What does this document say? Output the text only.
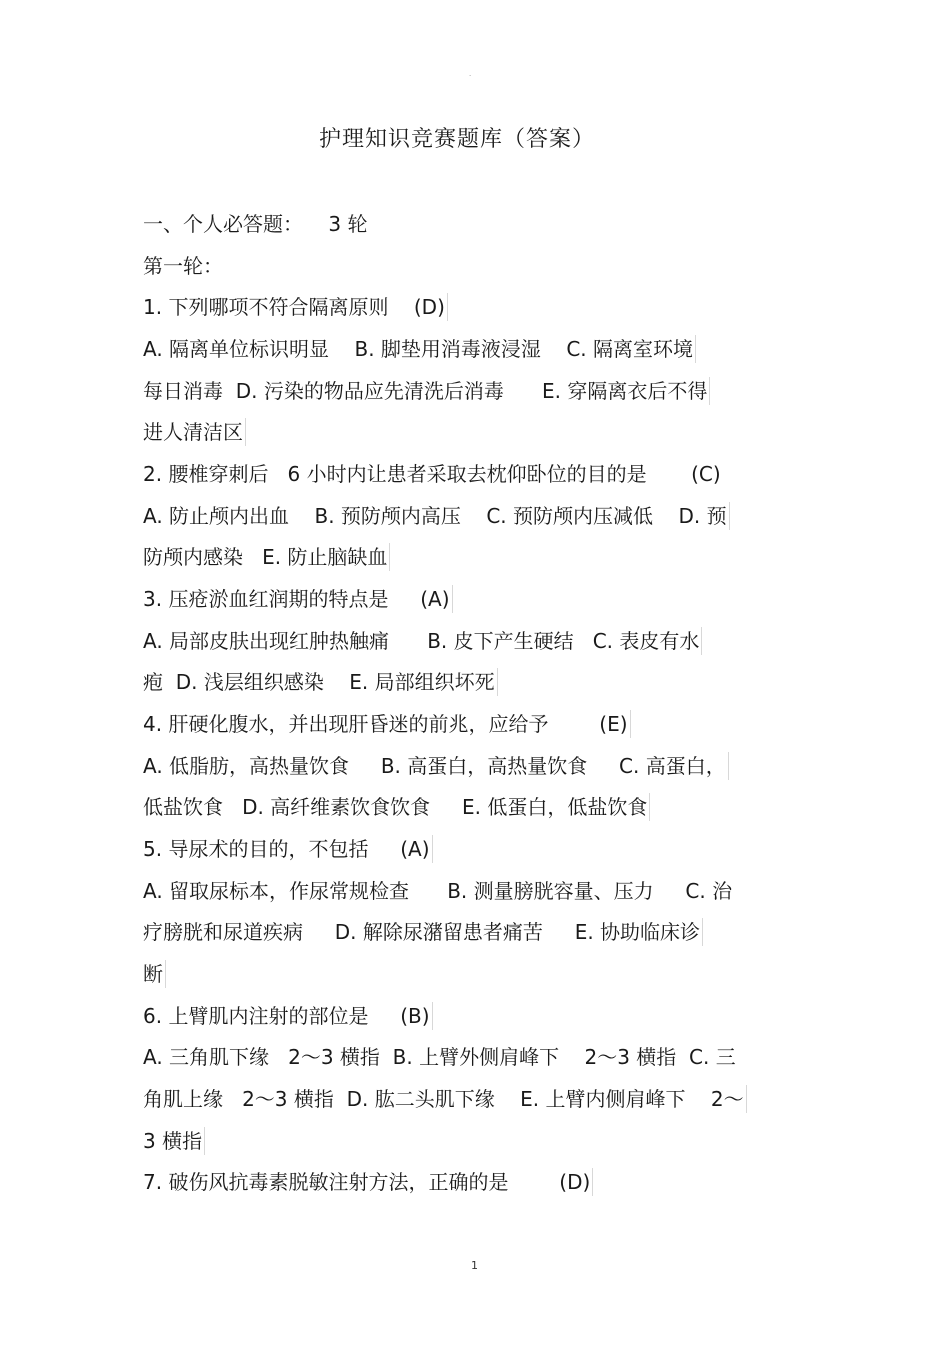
·
护理知识竞赛题库（答案）
一、个人必答题：    3 轮
第一轮：
1. 下列哪项不符合隔离原则    (D)
A. 隔离单位标识明显    B. 脚垫用消毒液浸湿    C. 隔离室环境
每日消毒  D. 污染的物品应先清洗后消毒      E. 穿隔离衣后不得
进人清洁区
2. 腰椎穿刺后   6 小时内让患者采取去枕仰卧位的目的是       (C)
A. 防止颅内出血    B. 预防颅内高压    C. 预防颅内压减低    D. 预
防颅内感染   E. 防止脑缺血
3. 压疮淤血红润期的特点是     (A)
A. 局部皮肤出现红肿热触痛      B. 皮下产生硬结   C. 表皮有水
疱  D. 浅层组织感染    E. 局部组织坏死
4. 肝硬化腹水，并出现肝昏迷的前兆，应给予        (E)
A. 低脂肪，高热量饮食     B. 高蛋白，高热量饮食     C. 高蛋白，
低盐饮食   D. 高纤维素饮食饮食     E. 低蛋白，低盐饮食
5. 导尿术的目的，不包括     (A)
A. 留取尿标本，作尿常规检查      B. 测量膀胱容量、压力     C. 治
疗膀胱和尿道疾病     D. 解除尿潴留患者痛苦     E. 协助临床诊
断
6. 上臂肌内注射的部位是     (B)
A. 三角肌下缘   2～3 横指  B. 上臂外侧肩峰下    2～3 横指  C. 三
角肌上缘   2～3 横指  D. 肱二头肌下缘    E. 上臂内侧肩峰下    2～
3 横指
7. 破伤风抗毒素脱敏注射方法，正确的是        (D)
1
